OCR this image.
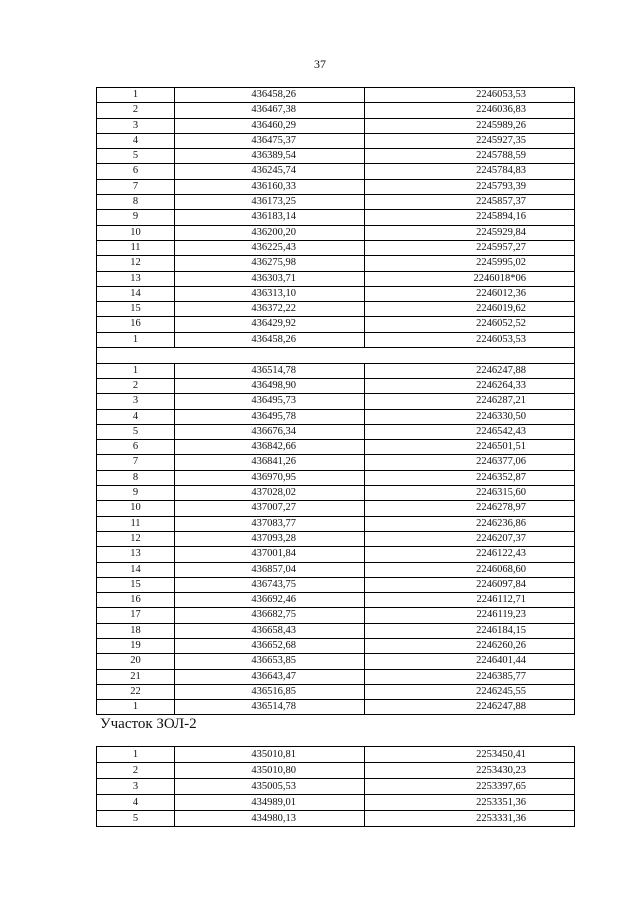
37
1	436458,26	2246053,53
2	436467,38	2246036,83
3	436460,29	2245989,26
4	436475,37	2245927,35
5	436389,54	2245788,59
6	436245,74	2245784,83
7	436160,33	2245793,39
8	436173,25	2245857,37
9	436183,14	2245894,16
10	436200,20	2245929,84
11	436225,43	2245957,27
12	436275,98	2245995,02
13	436303,71	2246018*06
14	436313,10	2246012,36
15	436372,22	2246019,62
16	436429,92	2246052,52
1	436458,26	2246053,53

1	436514,78	2246247,88
2	436498,90	2246264,33
3	436495,73	2246287,21
4	436495,78	2246330,50
5	436676,34	2246542,43
6	436842,66	2246501,51
7	436841,26	2246377,06
8	436970,95	2246352,87
9	437028,02	2246315,60
10	437007,27	2246278,97
11	437083,77	2246236,86
12	437093,28	2246207,37
13	437001,84	2246122,43
14	436857,04	2246068,60
15	436743,75	2246097,84
16	436692,46	2246112,71
17	436682,75	2246119,23
18	436658,43	2246184,15
19	436652,68	2246260,26
20	436653,85	2246401,44
21	436643,47	2246385,77
22	436516,85	2246245,55
1	436514,78	2246247,88
Участок ЗОЛ-2
1	435010,81	2253450,41
2	435010,80	2253430,23
3	435005,53	2253397,65
4	434989,01	2253351,36
5	434980,13	2253331,36
